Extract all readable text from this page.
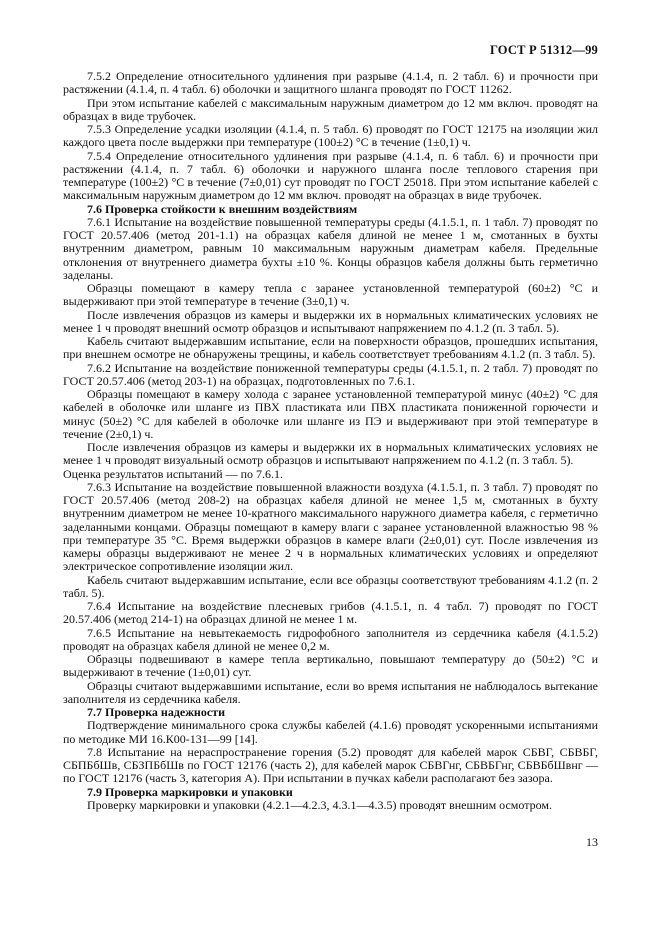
ГОСТ Р 51312—99

7.5.2 Определение относительного удлинения при разрыве (4.1.4, п. 2 табл. 6) и прочности при растяжении (4.1.4, п. 4 табл. 6) оболочки и защитного шланга проводят по ГОСТ 11262.

При этом испытание кабелей с максимальным наружным диаметром до 12 мм включ. проводят на образцах в виде трубочек.

7.5.3 Определение усадки изоляции (4.1.4, п. 5 табл. 6) проводят по ГОСТ 12175 на изоляции жил каждого цвета после выдержки при температуре (100±2) °С в течение (1±0,1) ч.

7.5.4 Определение относительного удлинения при разрыве (4.1.4, п. 6 табл. 6) и прочности при растяжении (4.1.4, п. 7 табл. 6) оболочки и наружного шланга после теплового старения при температуре (100±2) °С в течение (7±0,01) сут проводят по ГОСТ 25018. При этом испытание кабелей с максимальным наружным диаметром до 12 мм включ. проводят на образцах в виде трубочек.

7.6 Проверка стойкости к внешним воздействиям

7.6.1 Испытание на воздействие повышенной температуры среды (4.1.5.1, п. 1 табл. 7) проводят по ГОСТ 20.57.406 (метод 201-1.1) на образцах кабеля длиной не менее 1 м, смотанных в бухты внутренним диаметром, равным 10 максимальным наружным диаметрам кабеля. Предельные отклонения от внутреннего диаметра бухты ±10 %. Концы образцов кабеля должны быть герметично заделаны.

Образцы помещают в камеру тепла с заранее установленной температурой (60±2) °С и выдерживают при этой температуре в течение (3±0,1) ч.

После извлечения образцов из камеры и выдержки их в нормальных климатических условиях не менее 1 ч проводят внешний осмотр образцов и испытывают напряжением по 4.1.2 (п. 3 табл. 5).

Кабель считают выдержавшим испытание, если на поверхности образцов, прошедших испытания, при внешнем осмотре не обнаружены трещины, и кабель соответствует требованиям 4.1.2 (п. 3 табл. 5).

7.6.2 Испытание на воздействие пониженной температуры среды (4.1.5.1, п. 2 табл. 7) проводят по ГОСТ 20.57.406 (метод 203-1) на образцах, подготовленных по 7.6.1.

Образцы помещают в камеру холода с заранее установленной температурой минус (40±2) °С для кабелей в оболочке или шланге из ПВХ пластиката или ПВХ пластиката пониженной горючести и минус (50±2) °С для кабелей в оболочке или шланге из ПЭ и выдерживают при этой температуре в течение (2±0,1) ч.

После извлечения образцов из камеры и выдержки их в нормальных климатических условиях не менее 1 ч проводят визуальный осмотр образцов и испытывают напряжением по 4.1.2 (п. 3 табл. 5).

Оценка результатов испытаний — по 7.6.1.

7.6.3 Испытание на воздействие повышенной влажности воздуха (4.1.5.1, п. 3 табл. 7) проводят по ГОСТ 20.57.406 (метод 208-2) на образцах кабеля длиной не менее 1,5 м, смотанных в бухту внутренним диаметром не менее 10-кратного максимального наружного диаметра кабеля, с герметично заделанными концами. Образцы помещают в камеру влаги с заранее установленной влажностью 98 % при температуре 35 °С. Время выдержки образцов в камере влаги (2±0,01) сут. После извлечения из камеры образцы выдерживают не менее 2 ч в нормальных климатических условиях и определяют электрическое сопротивление изоляции жил.

Кабель считают выдержавшим испытание, если все образцы соответствуют требованиям 4.1.2 (п. 2 табл. 5).

7.6.4 Испытание на воздействие плесневых грибов (4.1.5.1, п. 4 табл. 7) проводят по ГОСТ 20.57.406 (метод 214-1) на образцах длиной не менее 1 м.

7.6.5 Испытание на невытекаемость гидрофобного заполнителя из сердечника кабеля (4.1.5.2) проводят на образцах кабеля длиной не менее 0,2 м.

Образцы подвешивают в камере тепла вертикально, повышают температуру до (50±2) °С и выдерживают в течение (1±0,01) сут.

Образцы считают выдержавшими испытание, если во время испытания не наблюдалось вытекание заполнителя из сердечника кабеля.

7.7 Проверка надежности

Подтверждение минимального срока службы кабелей (4.1.6) проводят ускоренными испытаниями по методике МИ 16.К00-131—99 [14].

7.8 Испытание на нераспространение горения (5.2) проводят для кабелей марок СБВГ, СБВБГ, СБПБбШв, СБЗПБбШв по ГОСТ 12176 (часть 2), для кабелей марок СБВГнг, СБВБГнг, СБВБбШвнг — по ГОСТ 12176 (часть 3, категория А). При испытании в пучках кабели располагают без зазора.

7.9 Проверка маркировки и упаковки

Проверку маркировки и упаковки (4.2.1—4.2.3, 4.3.1—4.3.5) проводят внешним осмотром.

13
